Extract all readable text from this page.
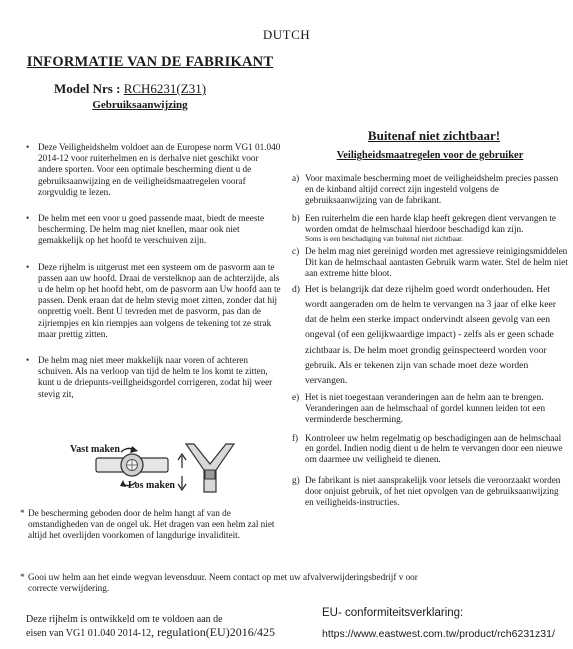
DUTCH
INFORMATIE VAN DE FABRIKANT
Model Nrs : RCH6231(Z31)
Gebruiksaanwijzing
• Deze Veiligheidshelm voldoet aan de Europese norm VG1 01.040 2014-12 voor ruiterhelmen en is derhalve niet geschikt voor andere sporten. Voor een optimale bescherming dient u de gebruiksaanwijzing en de veiligheidsmaatregelen vooraf zorgvuldig te lezen.
• De helm met een voor u goed passende maat, biedt de meeste bescherming. De helm mag niet knellen, maar ook niet gemakkelijk op het hoofd te verschuiven zijn.
• Deze rijhelm is uitgerust met een systeem om de pasvorm aan te passen aan uw hoofd. Draai de verstelknop aan de achterzijde, als u de helm op het hoofd hebt, om de pasvorm aan Uw hoofd aan te passen. Denk eraan dat de helm stevig moet zitten, zonder dat hij onprettig voelt. Bent U tevreden met de pasvorm, pas dan de zijriempjes en kin riempjes aan volgens de tekening tot ze strak maar prettig zitten.
• De helm mag niet meer makkelijk naar voren of achteren schuiven. Als na verloop van tijd de helm te los komt te zitten, kunt u de driepunts-veillgheidsgordel corrigeren, zodat hij weer stevig zit,
Vast maken
Los maken
* De bescherming geboden door de helm hangt af van de omstandigheden van de ongel uk. Het dragen van een helm zal niet altijd het overlijden voorkomen of langdurige invaliditeit.
* Gooi uw helm aan het einde wegvan levensduur. Neem contact op met uw afvalverwijderingsbedrijf v oor correcte verwijdering.
Deze rijhelm is ontwikkeld om te voldoen aan de
eisen van VG1 01.040 2014-12, regulation(EU)2016/425
EU- conformiteitsverklaring:
https://www.eastwest.com.tw/product/rch6231z31/
Buitenaf niet zichtbaar!
Veiligheidsmaatregelen voor de gebruiker
a) Voor maximale bescherming moet de veiligheidshelm precies passen en de kinband altijd correct zijn ingesteld volgens de gebruiksaanwijzing van de fabrikant.
b) Een ruiterhelm die een harde klap heeft gekregen dient vervangen te worden omdat de helmschaal hierdoor beschadigd kan zijn.
Soms is een beschadiging van buitenaf niet zichtbaar.
c) De helm mag niet gereinigd worden met agressieve reinigingsmiddelen Dit kan de helmschaal aantasten Gebruik warm water. Stel de helm niet aan extreme hitte bloot.
d) Het is belangrijk dat deze rijhelm goed wordt onderhouden. Het wordt aangeraden om de helm te vervangen na 3 jaar of elke keer dat de helm een sterke impact ondervindt alseen gevolg van een ongeval (of een gelijkwaardige impact) - zelfs als er geen schade zichtbaar is. De helm moet grondig geïnspecteerd worden voor gebruik. Als er tekenen zijn van schade moet deze worden vervangen.
e) Het is niet toegestaan veranderingen aan de helm aan te brengen. Veranderingen aan de helmschaal of gordel kunnen leiden tot een verminderde bescherming.
f) Kontroleer uw helm regelmatig op beschadigingen aan de helmschaal en gordel. Indien nodig dient u de helm te vervangen door een nieuwe om daarmee uw veiligheid te dienen.
g) De fabrikant is niet aansprakelijk voor letsels die veroorzaakt worden door onjuist gebruik, of het niet opvolgen van de gebruiksaanwijzing en veiligheids-instructies.
